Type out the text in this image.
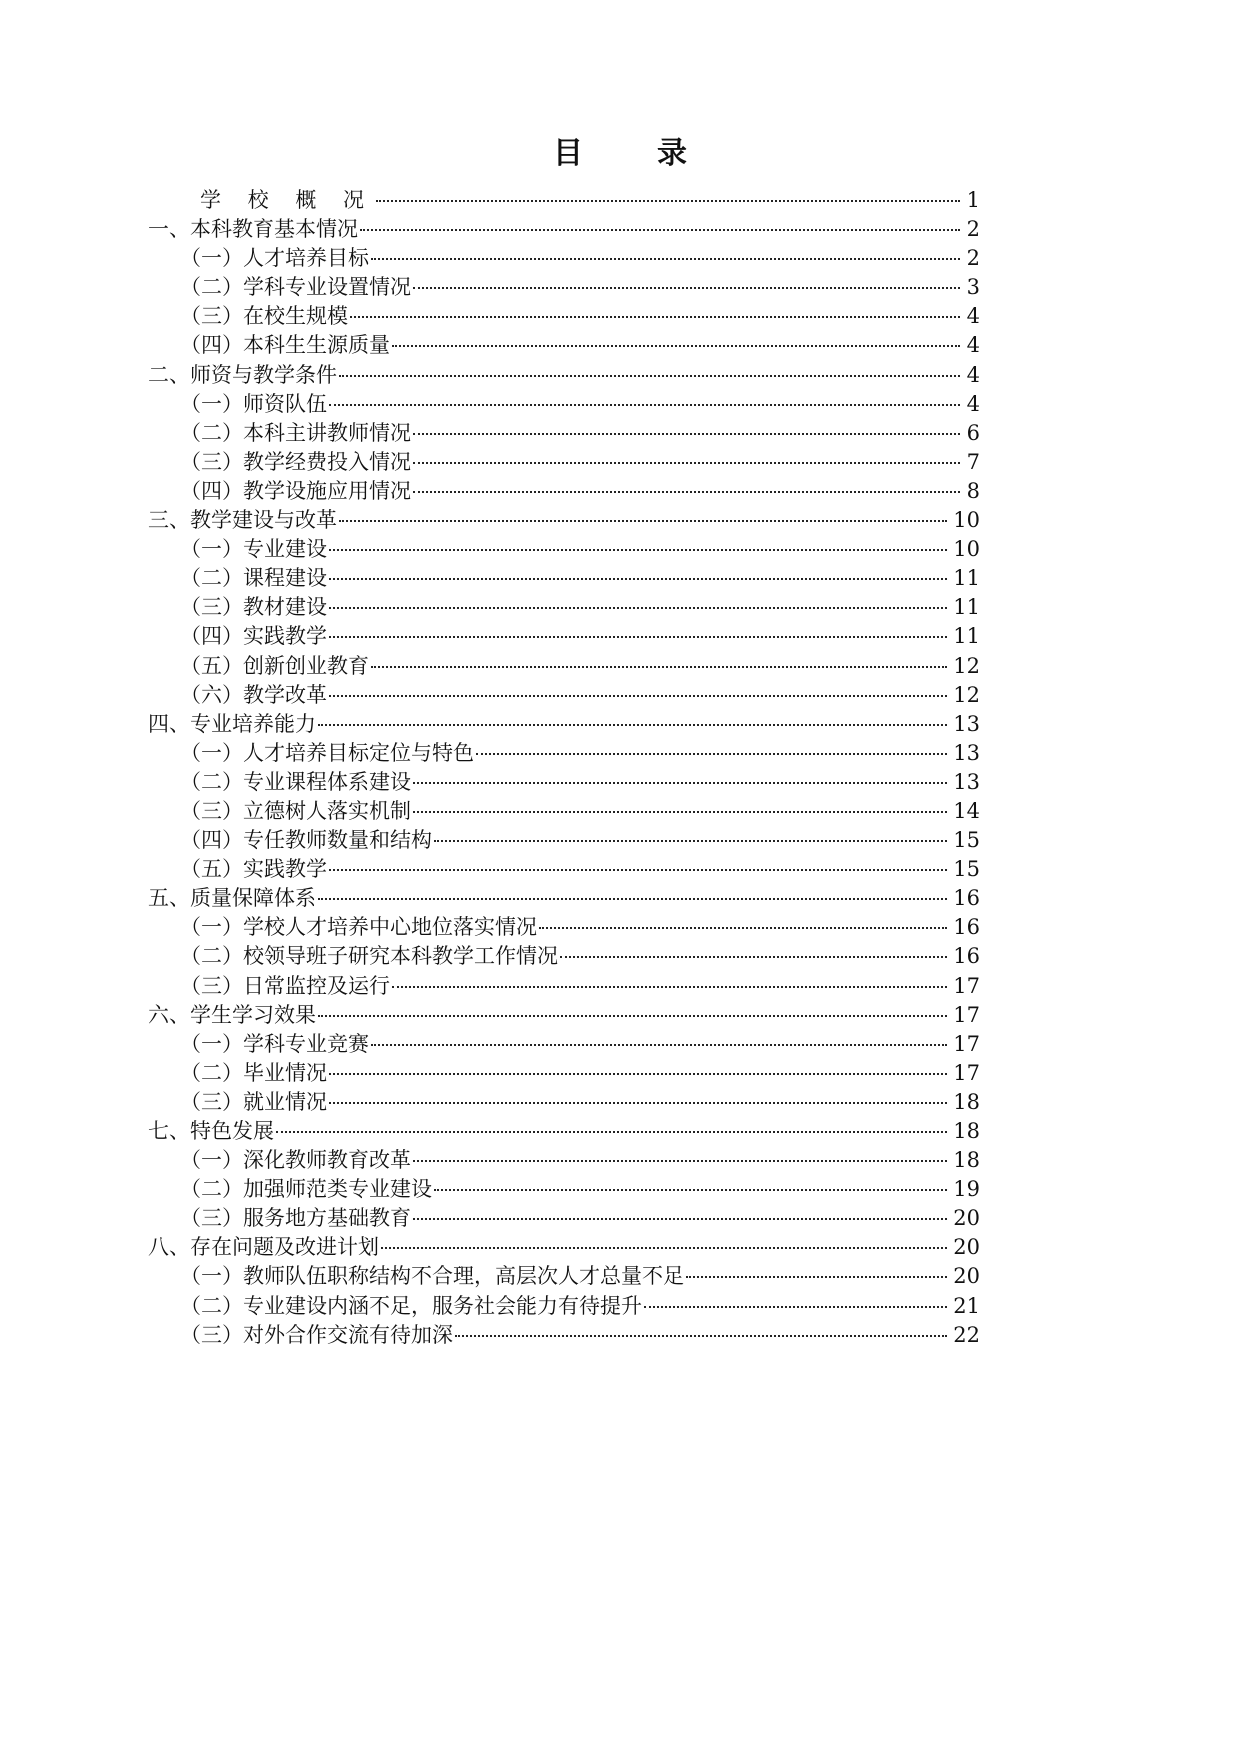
目　录
学 校 概 况	1
一、本科教育基本情况	2
（一）人才培养目标	2
（二）学科专业设置情况	3
（三）在校生规模	4
（四）本科生生源质量	4
二、师资与教学条件	4
（一）师资队伍	4
（二）本科主讲教师情况	6
（三）教学经费投入情况	7
（四）教学设施应用情况	8
三、教学建设与改革	10
（一）专业建设	10
（二）课程建设	11
（三）教材建设	11
（四）实践教学	11
（五）创新创业教育	12
（六）教学改革	12
四、专业培养能力	13
（一）人才培养目标定位与特色	13
（二）专业课程体系建设	13
（三）立德树人落实机制	14
（四）专任教师数量和结构	15
（五）实践教学	15
五、质量保障体系	16
（一）学校人才培养中心地位落实情况	16
（二）校领导班子研究本科教学工作情况	16
（三）日常监控及运行	17
六、学生学习效果	17
（一）学科专业竞赛	17
（二）毕业情况	17
（三）就业情况	18
七、特色发展	18
（一）深化教师教育改革	18
（二）加强师范类专业建设	19
（三）服务地方基础教育	20
八、存在问题及改进计划	20
（一）教师队伍职称结构不合理，高层次人才总量不足	20
（二）专业建设内涵不足，服务社会能力有待提升	21
（三）对外合作交流有待加深	22
